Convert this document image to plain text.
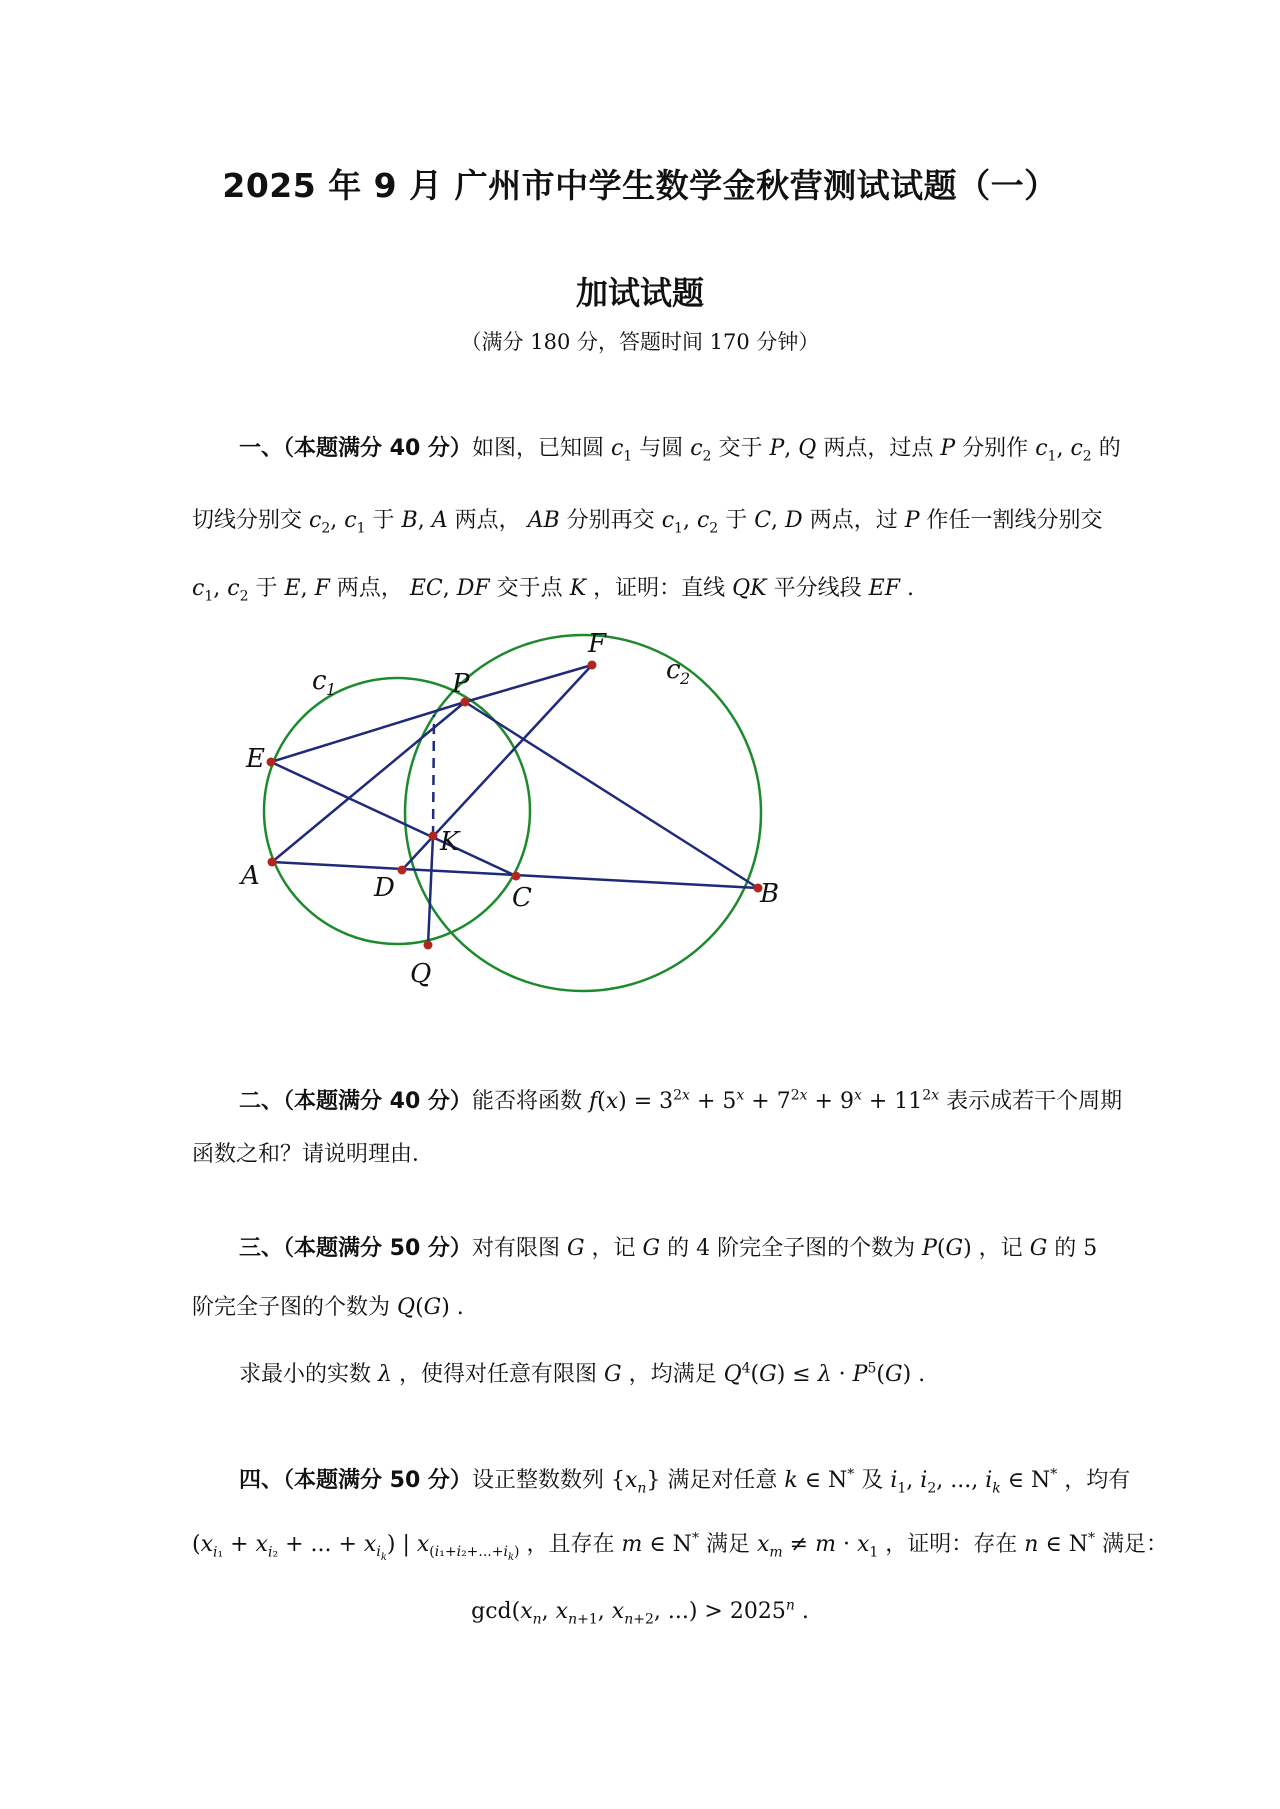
2025 年 9 月 广州市中学生数学金秋营测试试题（一）
加试试题
（满分 180 分，答题时间 170 分钟）
一、（本题满分 40 分）如图，已知圆 $c_1$ 与圆 $c_2$ 交于 P, Q 两点，过点 P 分别作 $c_1$, $c_2$ 的
切线分别交 $c_2$, $c_1$ 于 B, A 两点， AB 分别再交 $c_1$, $c_2$ 于 C, D 两点，过 P 作任一割线分别交
$c_1$, $c_2$ 于 E, F 两点， EC, DF 交于点 K ，证明：直线 QK 平分线段 EF .
c 1
c 2
P
F
E
A
K
D	C	B
Q
二、（本题满分 40 分）能否将函数 $f(x) = 3^{2x} + 5^x + 7^{2x} + 9^x + 11^{2x}$ 表示成若干个周期
函数之和？请说明理由．
三、（本题满分 50 分）对有限图 G ，记 G 的 4 阶完全子图的个数为 P(G) ，记 G 的 5
阶完全子图的个数为 Q(G) .
求最小的实数 λ ，使得对任意有限图 G ，均满足 $Q^4(G) \le \lambda \cdot P^5(G)$ .
四、（本题满分 50 分）设正整数数列 $\{x_n\}$ 满足对任意 k ∈ N* 及 $i_1$, $i_2$, ..., $i_k$ ∈ N* ，均有
($x_{i_1} + x_{i_2}$ + ... + $x_{i_k}$) | $x_{(i_1+i_2+...+i_k)}$ ，且存在 m ∈ N* 满足 $x_m \ne m \cdot x_1$ ，证明：存在 n ∈ N* 满足：
$\gcd(x_n$, $x_{n+1}$, $x_{n+2}$, ...) > $2025^n$ .
